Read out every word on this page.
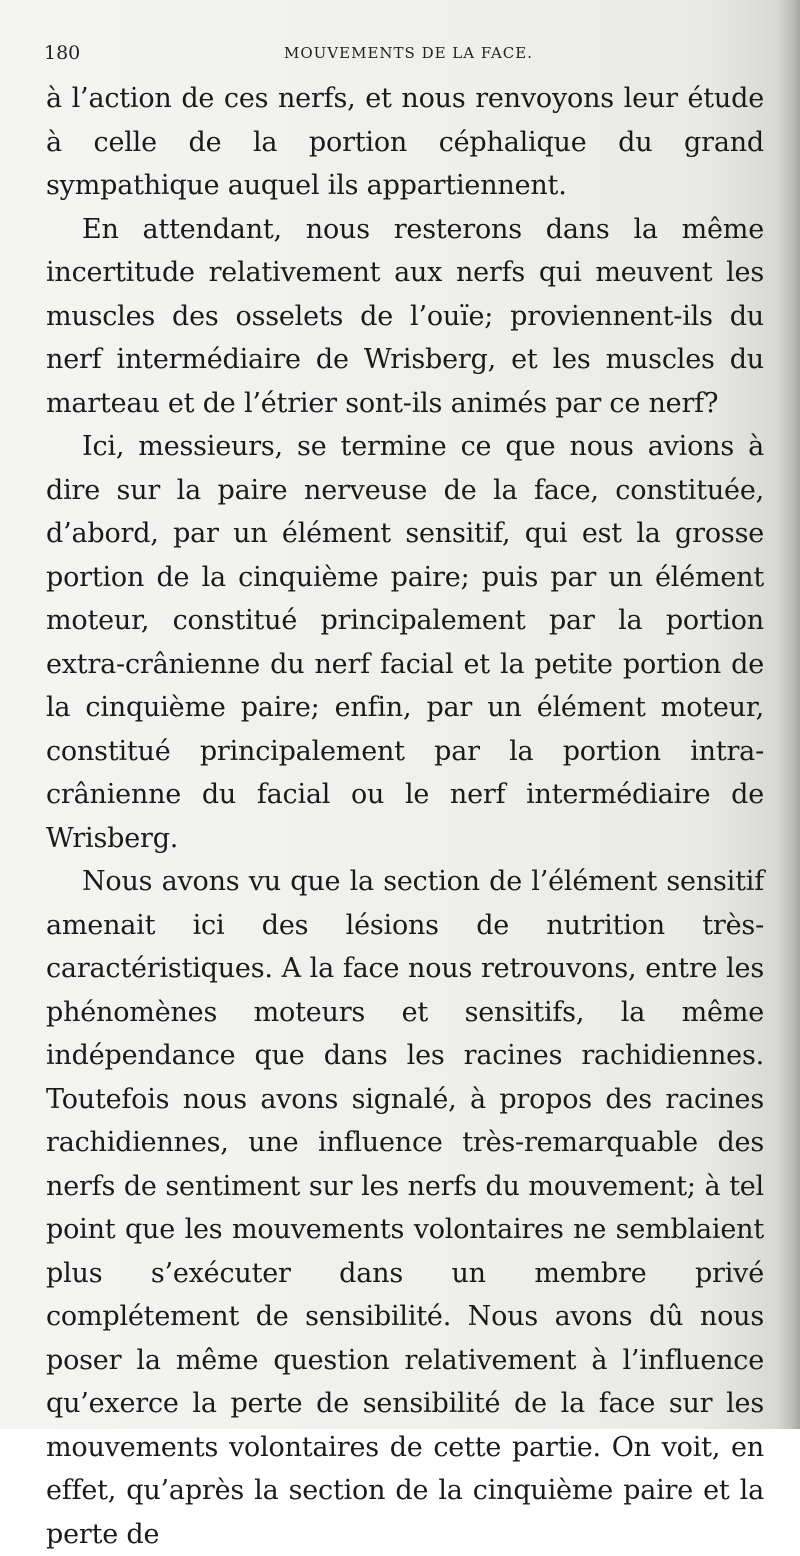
180	MOUVEMENTS DE LA FACE.

à l’action de ces nerfs, et nous renvoyons leur étude à celle de la portion céphalique du grand sympathique auquel ils appartiennent.

En attendant, nous resterons dans la même incertitude relativement aux nerfs qui meuvent les muscles des osselets de l’ouïe; proviennent-ils du nerf intermédiaire de Wrisberg, et les muscles du marteau et de l’étrier sont-ils animés par ce nerf?

Ici, messieurs, se termine ce que nous avions à dire sur la paire nerveuse de la face, constituée, d’abord, par un élément sensitif, qui est la grosse portion de la cinquième paire; puis par un élément moteur, constitué principalement par la portion extra-crânienne du nerf facial et la petite portion de la cinquième paire; enfin, par un élément moteur, constitué principalement par la portion intra-crânienne du facial ou le nerf intermédiaire de Wrisberg.

Nous avons vu que la section de l’élément sensitif amenait ici des lésions de nutrition très-caractéristiques. A la face nous retrouvons, entre les phénomènes moteurs et sensitifs, la même indépendance que dans les racines rachidiennes. Toutefois nous avons signalé, à propos des racines rachidiennes, une influence très-remarquable des nerfs de sentiment sur les nerfs du mouvement; à tel point que les mouvements volontaires ne semblaient plus s’exécuter dans un membre privé complétement de sensibilité. Nous avons dû nous poser la même question relativement à l’influence qu’exerce la perte de sensibilité de la face sur les mouvements volontaires de cette partie. On voit, en effet, qu’après la section de la cinquième paire et la perte de
